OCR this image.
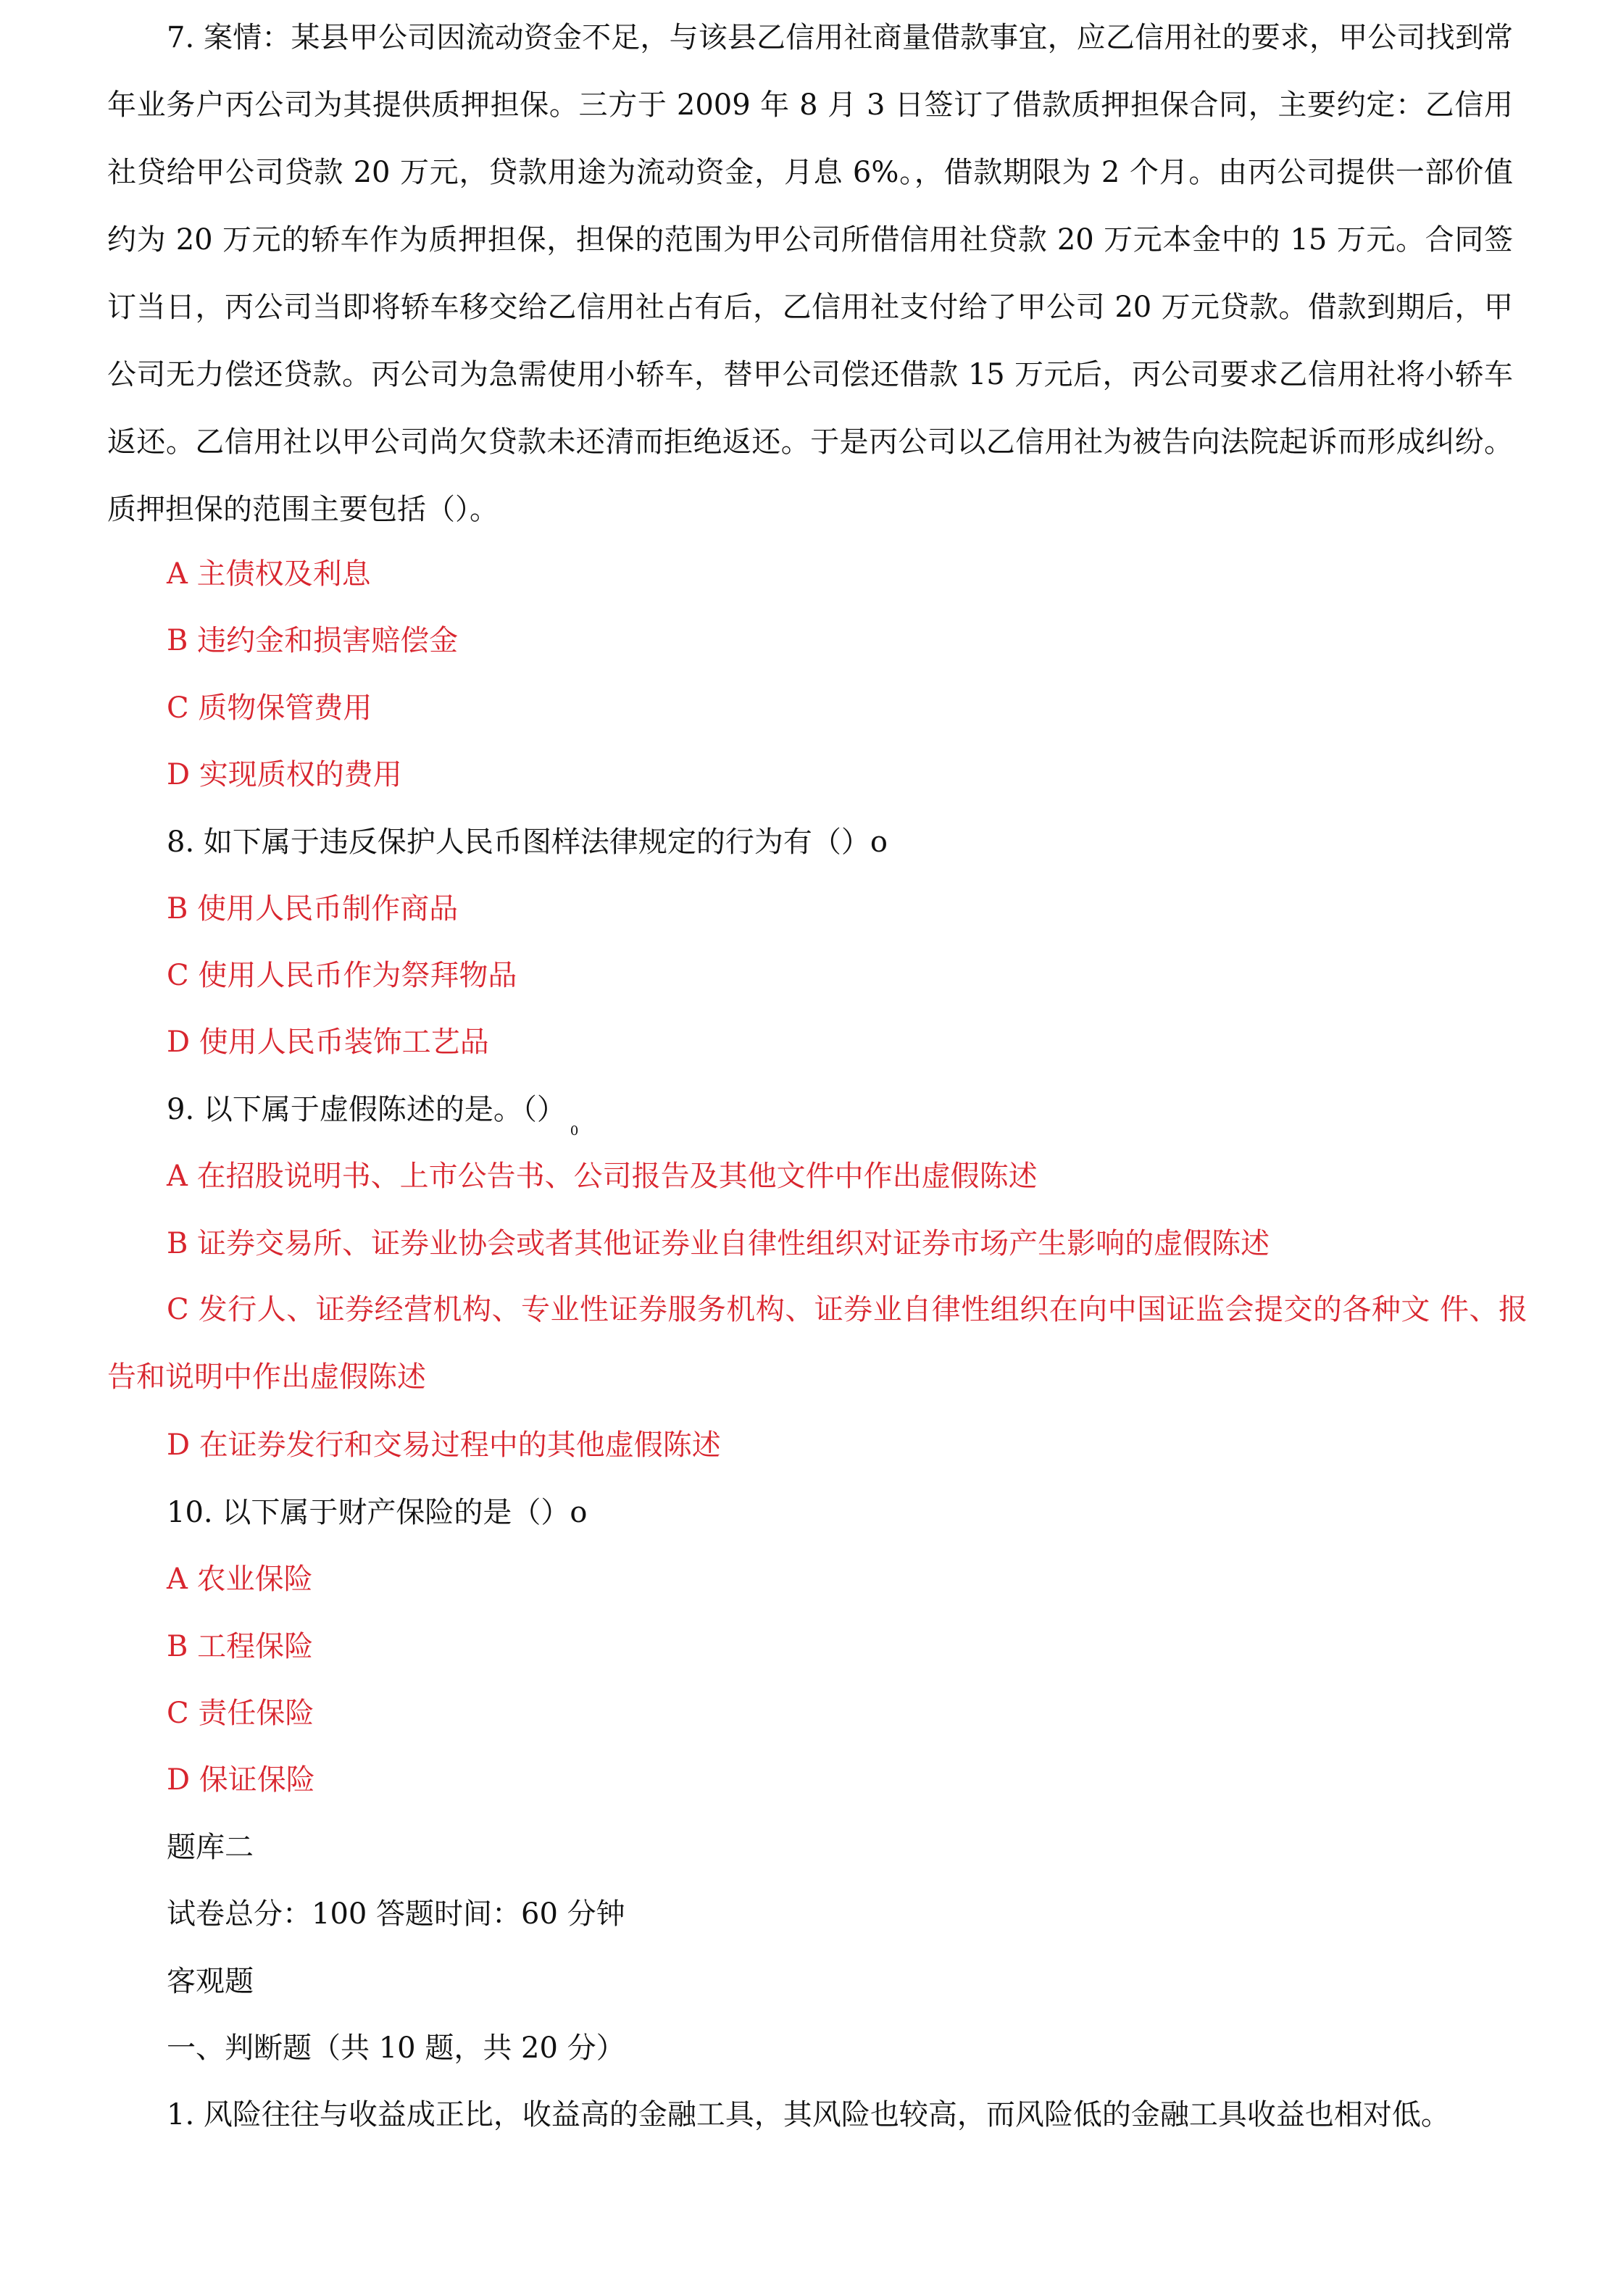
7. 案情：某县甲公司因流动资金不足，与该县乙信用社商量借款事宜，应乙信用社的要求，甲公司找到常年业务户丙公司为其提供质押担保。三方于 2009 年 8 月 3 日签订了借款质押担保合同，主要约定：乙信用社贷给甲公司贷款 20 万元，贷款用途为流动资金，月息 6%。，借款期限为 2 个月。由丙公司提供一部价值约为 20 万元的轿车作为质押担保，担保的范围为甲公司所借信用社贷款 20 万元本金中的 15 万元。合同签订当日，丙公司当即将轿车移交给乙信用社占有后，乙信用社支付给了甲公司 20 万元贷款。借款到期后，甲公司无力偿还贷款。丙公司为急需使用小轿车，替甲公司偿还借款 15 万元后，丙公司要求乙信用社将小轿车返还。乙信用社以甲公司尚欠贷款未还清而拒绝返还。于是丙公司以乙信用社为被告向法院起诉而形成纠纷。质押担保的范围主要包括（）。
A 主债权及利息
B 违约金和损害赔偿金
C 质物保管费用
D 实现质权的费用
8. 如下属于违反保护人民币图样法律规定的行为有（）o
B 使用人民币制作商品
C 使用人民币作为祭拜物品
D 使用人民币装饰工艺品
9. 以下属于虚假陈述的是。$()_0$
A 在招股说明书、上市公告书、公司报告及其他文件中作出虚假陈述
B 证券交易所、证券业协会或者其他证券业自律性组织对证券市场产生影响的虚假陈述
C 发行人、证券经营机构、专业性证券服务机构、证券业自律性组织在向中国证监会提交的各种文 件、报告和说明中作出虚假陈述
D 在证券发行和交易过程中的其他虚假陈述
10. 以下属于财产保险的是（）o
A 农业保险
B 工程保险
C 责任保险
D 保证保险
题库二
试卷总分：100 答题时间：60 分钟
客观题
一、判断题（共 10 题，共 20 分）
1. 风险往往与收益成正比，收益高的金融工具，其风险也较高，而风险低的金融工具收益也相对低。
